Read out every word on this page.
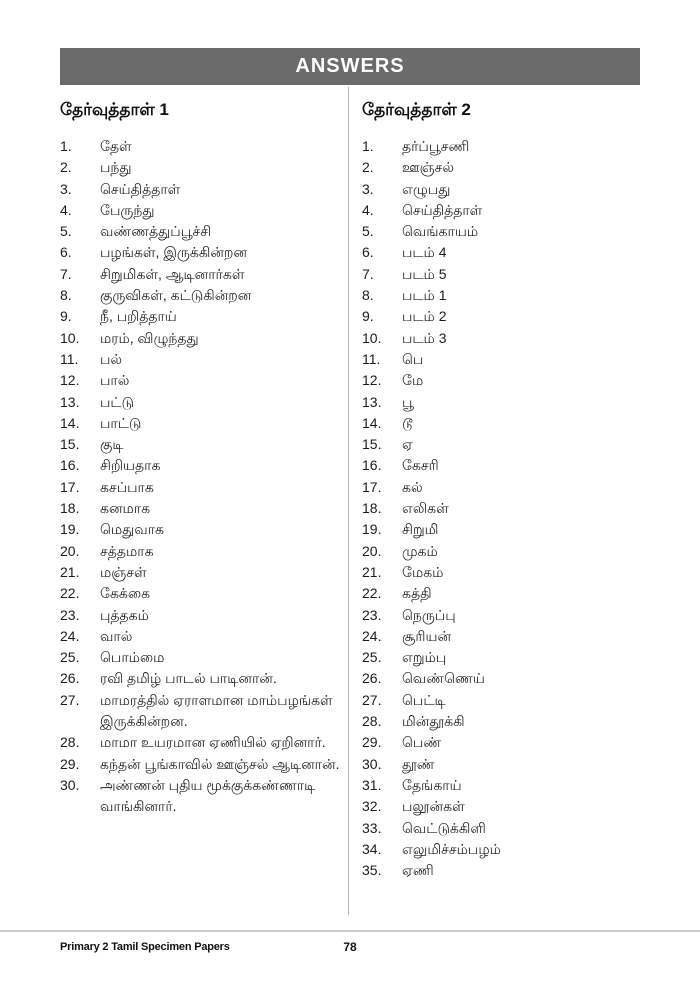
ANSWERS
தேர்வுத்தாள் 1
1.	தேள்
2.	பந்து
3.	செய்தித்தாள்
4.	பேருந்து
5.	வண்ணத்துப்பூச்சி
6.	பழங்கள், இருக்கின்றன
7.	சிறுமிகள், ஆடினார்கள்
8.	குருவிகள், கட்டுகின்றன
9.	நீ, பறித்தாய்
10.	மரம், விழுந்தது
11.	பல்
12.	பால்
13.	பட்டு
14.	பாட்டு
15.	குடி
16.	சிறியதாக
17.	கசப்பாக
18.	கனமாக
19.	மெதுவாக
20.	சத்தமாக
21.	மஞ்சள்
22.	கேக்கை
23.	புத்தகம்
24.	வால்
25.	பொம்மை
26.	ரவி தமிழ் பாடல் பாடினான்.
27.	மாமரத்தில் ஏராளமான மாம்பழங்கள் இருக்கின்றன.
28.	மாமா உயரமான ஏணியில் ஏறினார்.
29.	கந்தன் பூங்காவில் ஊஞ்சல் ஆடினான்.
30.	அண்ணன் புதிய மூக்குக்கண்ணாடி வாங்கினார்.
தேர்வுத்தாள் 2
1.	தர்ப்பூசணி
2.	ஊஞ்சல்
3.	எழுபது
4.	செய்தித்தாள்
5.	வெங்காயம்
6.	படம் 4
7.	படம் 5
8.	படம் 1
9.	படம் 2
10.	படம் 3
11.	பெ
12.	மே
13.	பூ
14.	டூ
15.	ஏ
16.	கேசரி
17.	கல்
18.	எலிகள்
19.	சிறுமி
20.	முகம்
21.	மேகம்
22.	கத்தி
23.	நெருப்பு
24.	சூரியன்
25.	எறும்பு
26.	வெண்ணெய்
27.	பெட்டி
28.	மின்தூக்கி
29.	பெண்
30.	தூண்
31.	தேங்காய்
32.	பலூன்கள்
33.	வெட்டுக்கிளி
34.	எலுமிச்சம்பழம்
35.	ஏணி
78
Primary 2 Tamil Specimen Papers
